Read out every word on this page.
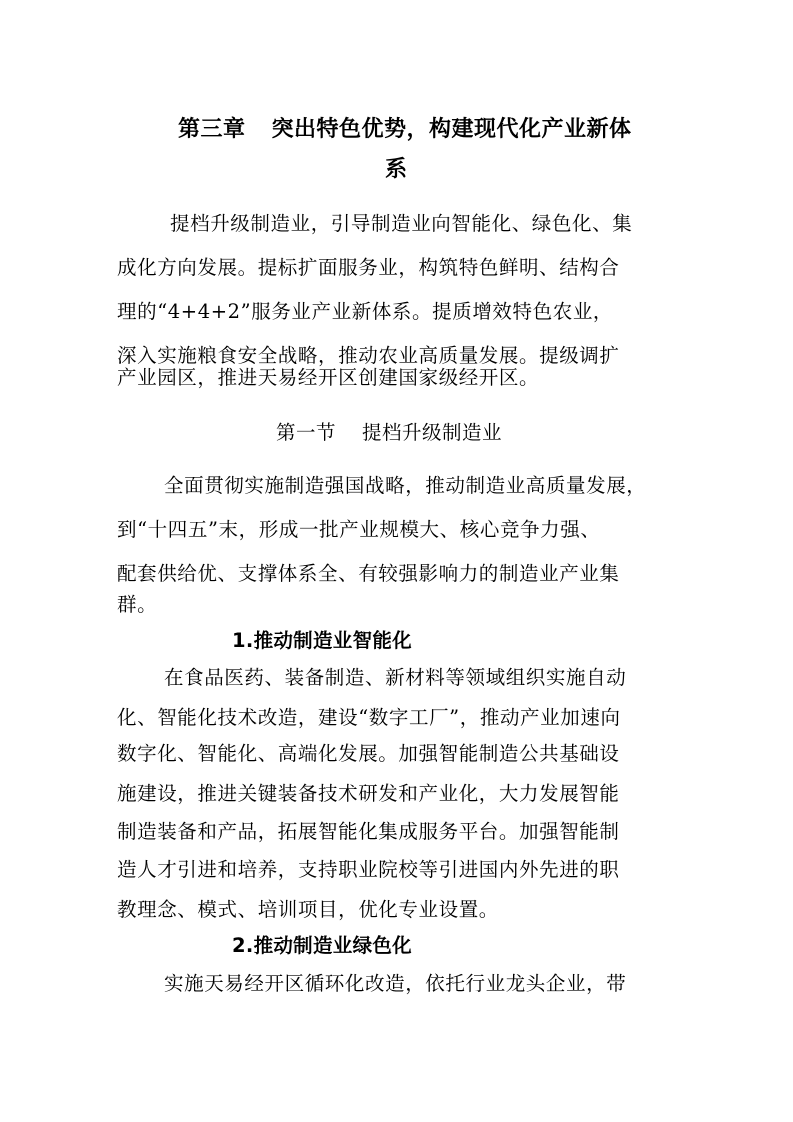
第三章 突出特色优势，构建现代化产业新体
系
提档升级制造业，引导制造业向智能化、绿色化、集
成化方向发展。提标扩面服务业，构筑特色鲜明、结构合
理的“4+4+2”服务业产业新体系。提质增效特色农业，
深入实施粮食安全战略，推动农业高质量发展。提级调扩
产业园区，推进天易经开区创建国家级经开区。
第一节 提档升级制造业
全面贯彻实施制造强国战略，推动制造业高质量发展，
到“十四五”末，形成一批产业规模大、核心竞争力强、
配套供给优、支撑体系全、有较强影响力的制造业产业集
群。
1.推动制造业智能化
在食品医药、装备制造、新材料等领域组织实施自动
化、智能化技术改造，建设“数字工厂”，推动产业加速向
数字化、智能化、高端化发展。加强智能制造公共基础设
施建设，推进关键装备技术研发和产业化，大力发展智能
制造装备和产品，拓展智能化集成服务平台。加强智能制
造人才引进和培养，支持职业院校等引进国内外先进的职
教理念、模式、培训项目，优化专业设置。
2.推动制造业绿色化
实施天易经开区循环化改造，依托行业龙头企业，带
